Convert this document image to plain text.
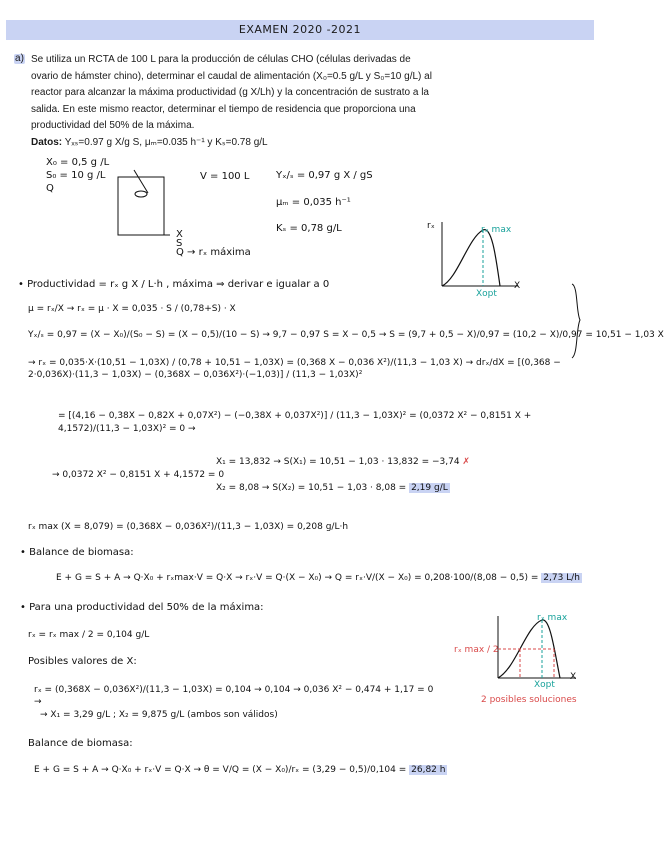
EXAMEN 2020 -2021
a) Se utiliza un RCTA de 100 L para la producción de células CHO (células derivadas de ovario de hámster chino), determinar el caudal de alimentación (X₀=0.5 g/L y S₀=10 g/L) al reactor para alcanzar la máxima productividad (g X/Lh) y la concentración de sustrato a la salida. En este mismo reactor, determinar el tiempo de residencia que proporciona una productividad del 50% de la máxima.
Datos: Yₓₛ=0.97 g X/g S, μₘ=0.035 h⁻¹ y Kₛ=0.78 g/L
X₀ = 0,5 g /L
S₀ = 10 g /L
Q
V = 100 L
X
S
Q → rₓ máxima
Yₓ/ₛ = 0,97 g X / gS
μₘ = 0,035 h⁻¹
Kₛ = 0,78 g/L	rₓ	rₓ max
X
Xopt
• Productividad = rₓ g X / L·h , máxima ⇒ derivar e igualar a 0
μ = rₓ/X → rₓ = μ · X = 0,035 · S / (0,78+S) · X
Yₓ/ₛ = 0,97 = (X − X₀)/(S₀ − S) = (X − 0,5)/(10 − S) → 9,7 − 0,97 S = X − 0,5 → S = (9,7 + 0,5 − X)/0,97 = (10,2 − X)/0,97 = 10,51 − 1,03 X
→ rₓ = 0,035·X·(10,51 − 1,03X) / (0,78 + 10,51 − 1,03X) = (0,368 X − 0,036 X²)/(11,3 − 1,03 X) → drₓ/dX = [(0,368 − 2·0,036X)·(11,3 − 1,03X) − (0,368X − 0,036X²)·(−1,03)] / (11,3 − 1,03X)²
= [(4,16 − 0,38X − 0,82X + 0,07X²) − (−0,38X + 0,037X²)] / (11,3 − 1,03X)² = (0,0372 X² − 0,8151 X + 4,1572)/(11,3 − 1,03X)² = 0 →
→ 0,0372 X² − 0,8151 X + 4,1572 = 0
X₁ = 13,832 → S(X₁) = 10,51 − 1,03 · 13,832 = −3,74 ✗
X₂ = 8,08 → S(X₂) = 10,51 − 1,03 · 8,08 = 2,19 g/L
rₓ max (X = 8,079) = (0,368X − 0,036X²)/(11,3 − 1,03X) = 0,208 g/L·h
• Balance de biomasa:
E + G = S + A → Q·X₀ + rₓmax·V = Q·X → rₓ·V = Q·(X − X₀) → Q = rₓ·V/(X − X₀) = 0,208·100/(8,08 − 0,5) = 2,73 L/h
• Para una productividad del 50% de la máxima:
rₓ = rₓ max / 2 = 0,104 g/L
Posibles valores de X:
rₓ = (0,368X − 0,036X²)/(11,3 − 1,03X) = 0,104 → 0,104 → 0,036 X² − 0,474 + 1,17 = 0 →
→ X₁ = 3,29 g/L ; X₂ = 9,875 g/L (ambos son válidos)
Balance de biomasa:
E + G = S + A → Q·X₀ + rₓ·V = Q·X → θ = V/Q = (X − X₀)/rₓ = (3,29 − 0,5)/0,104 = 26,82 h
rₓ max
rₓ max / 2
X
Xopt
2 posibles soluciones
